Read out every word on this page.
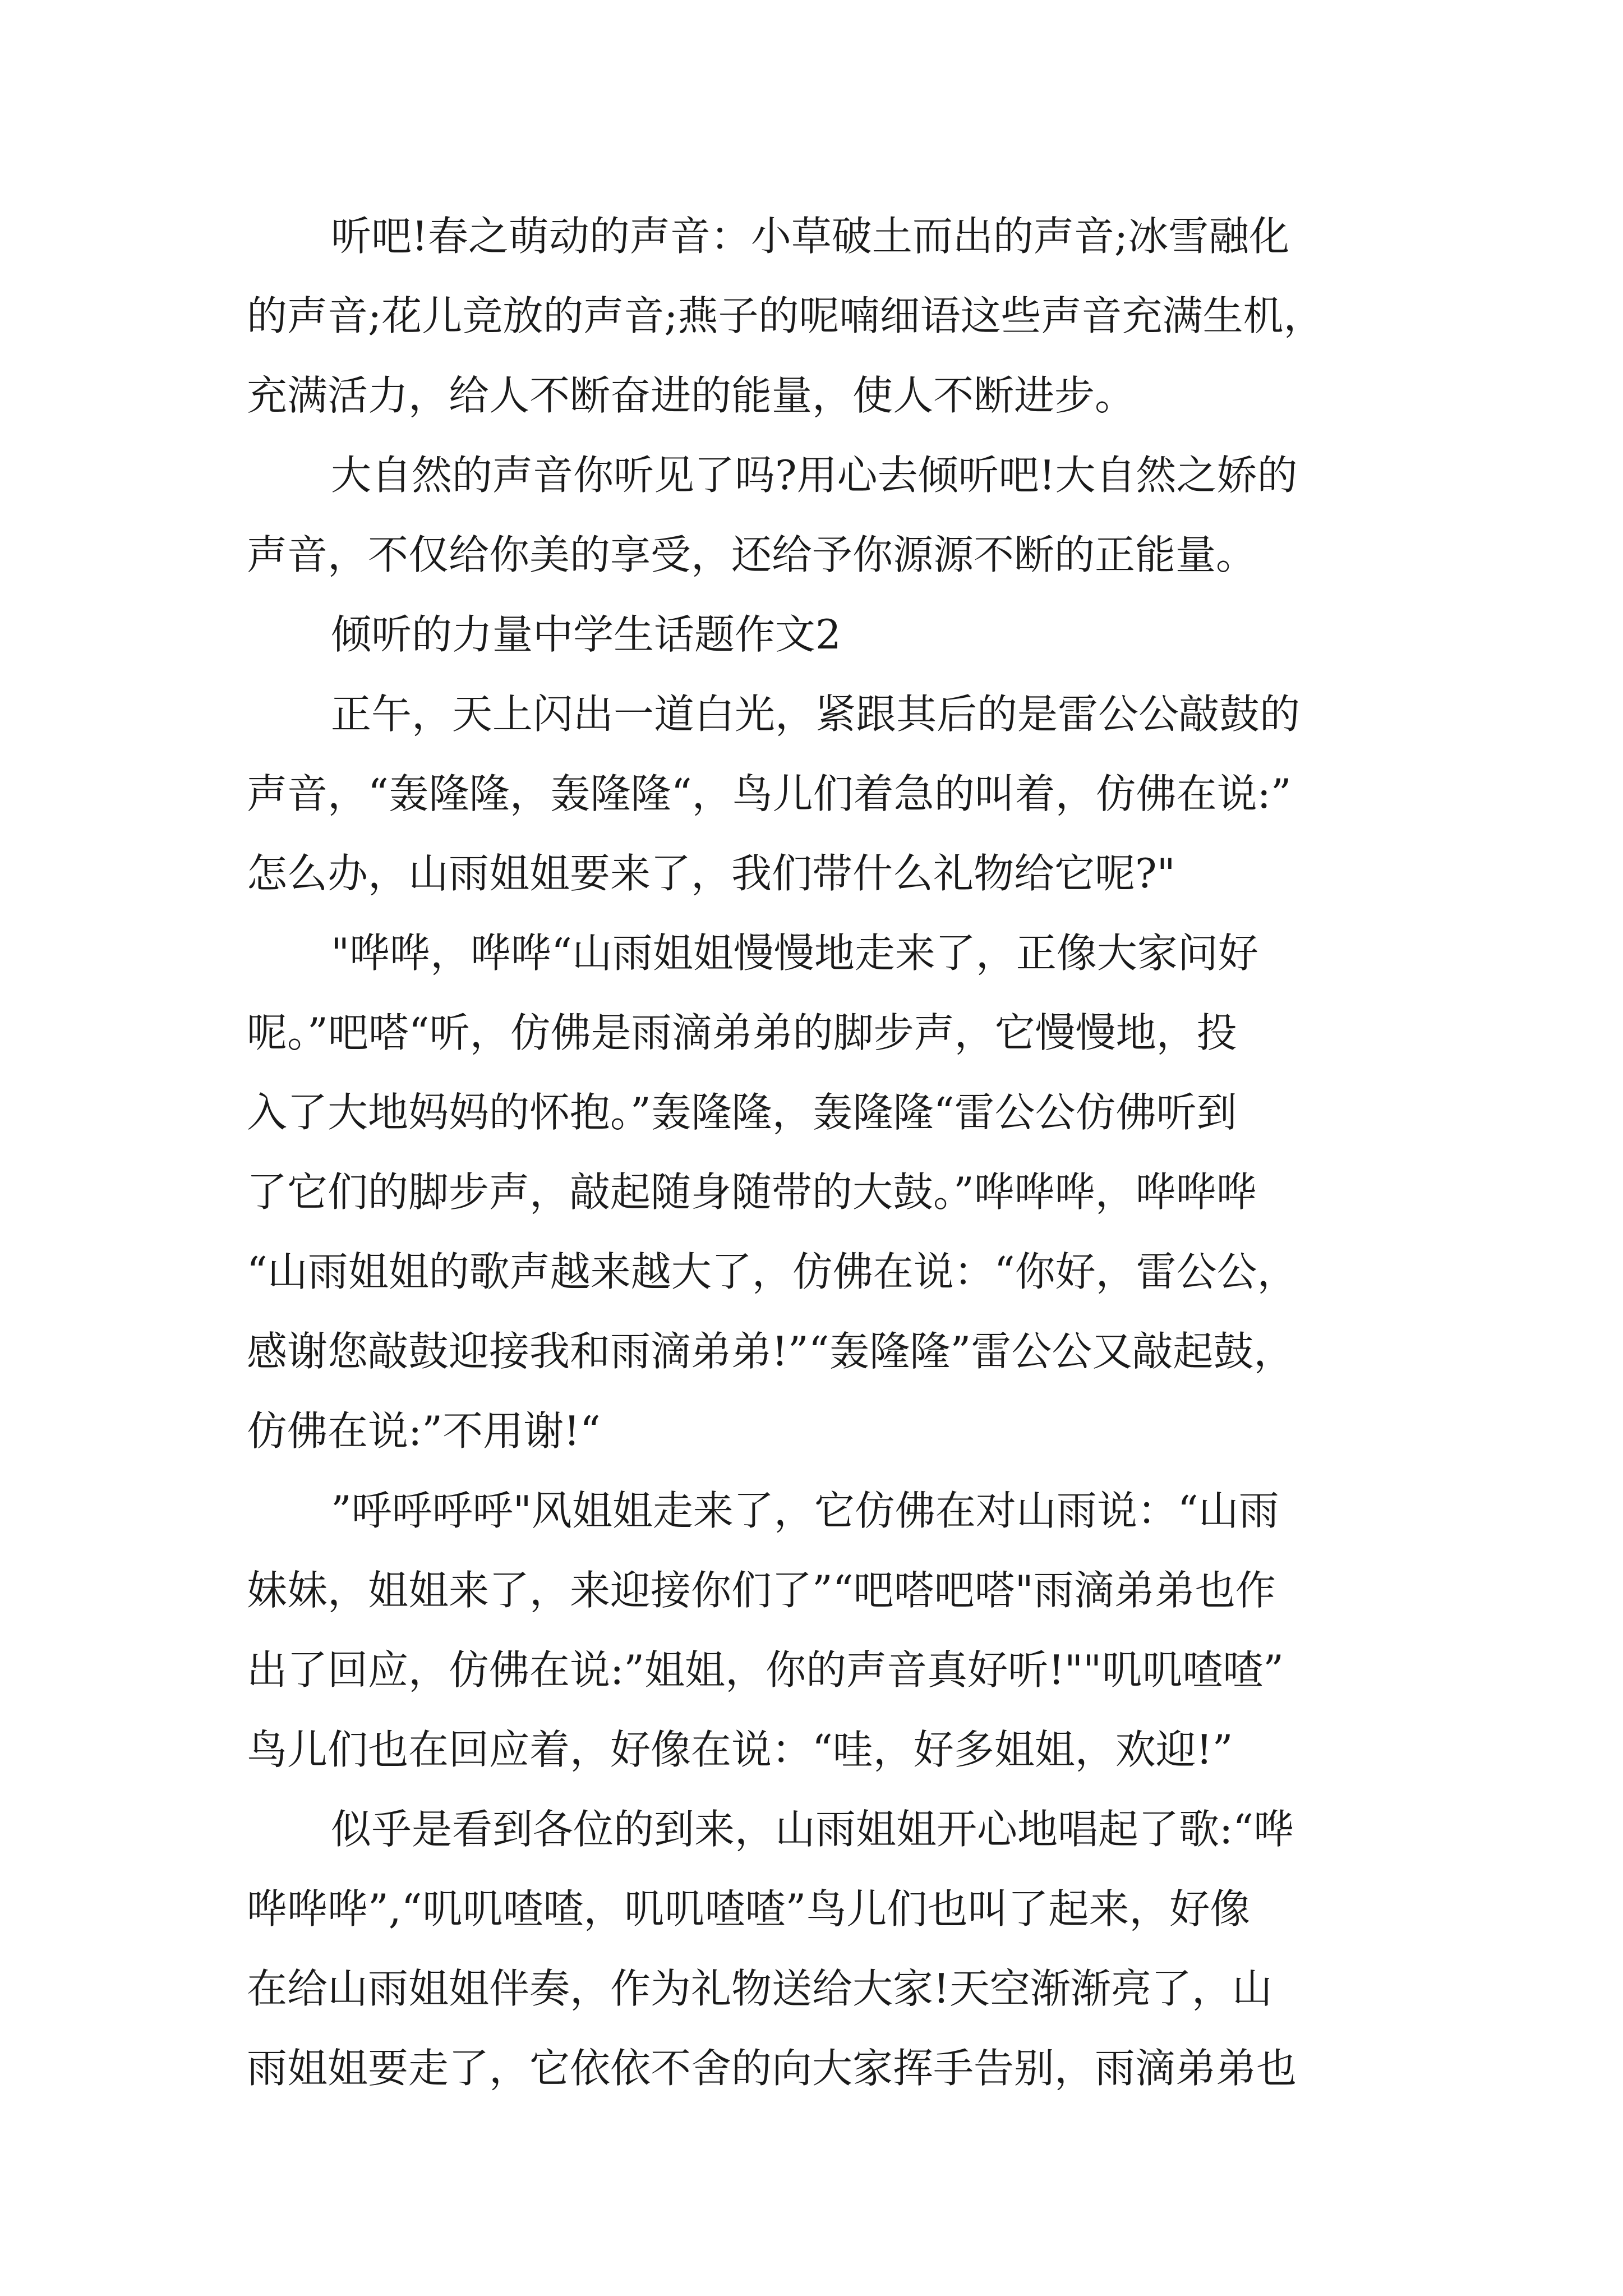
听吧!春之萌动的声音：小草破土而出的声音;冰雪融化
的声音;花儿竞放的声音;燕子的呢喃细语这些声音充满生机，
充满活力，给人不断奋进的能量，使人不断进步。
大自然的声音你听见了吗?用心去倾听吧!大自然之娇的
声音，不仅给你美的享受，还给予你源源不断的正能量。
倾听的力量中学生话题作文2
正午，天上闪出一道白光，紧跟其后的是雷公公敲鼓的
声音，“轰隆隆，轰隆隆“，鸟儿们着急的叫着，仿佛在说:”
怎么办，山雨姐姐要来了，我们带什么礼物给它呢?"
"哗哗，哗哗“山雨姐姐慢慢地走来了，正像大家问好
呢。”吧嗒“听，仿佛是雨滴弟弟的脚步声，它慢慢地，投
入了大地妈妈的怀抱。”轰隆隆，轰隆隆“雷公公仿佛听到
了它们的脚步声，敲起随身随带的大鼓。”哗哗哗，哗哗哗
“山雨姐姐的歌声越来越大了，仿佛在说：“你好，雷公公，
感谢您敲鼓迎接我和雨滴弟弟!”“轰隆隆”雷公公又敲起鼓，
仿佛在说:”不用谢!“
”呼呼呼呼"风姐姐走来了，它仿佛在对山雨说：“山雨
妹妹，姐姐来了，来迎接你们了”“吧嗒吧嗒"雨滴弟弟也作
出了回应，仿佛在说:”姐姐，你的声音真好听!""叽叽喳喳”
鸟儿们也在回应着，好像在说：“哇，好多姐姐，欢迎!”
似乎是看到各位的到来，山雨姐姐开心地唱起了歌:“哗
哗哗哗”,“叽叽喳喳，叽叽喳喳”鸟儿们也叫了起来，好像
在给山雨姐姐伴奏，作为礼物送给大家!天空渐渐亮了，山
雨姐姐要走了，它依依不舍的向大家挥手告别，雨滴弟弟也
